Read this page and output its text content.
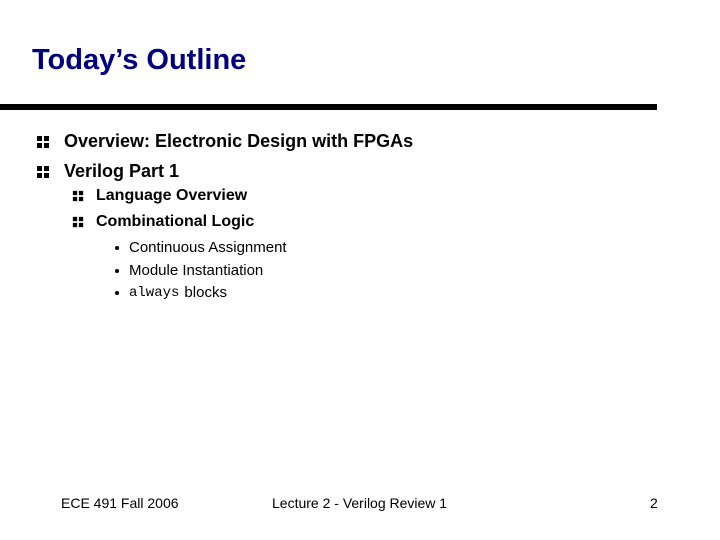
Today’s Outline
Overview: Electronic Design with FPGAs
Verilog Part 1
Language Overview
Combinational Logic
Continuous Assignment
Module Instantiation
always blocks
ECE 491 Fall 2006	Lecture 2 - Verilog Review 1	2
